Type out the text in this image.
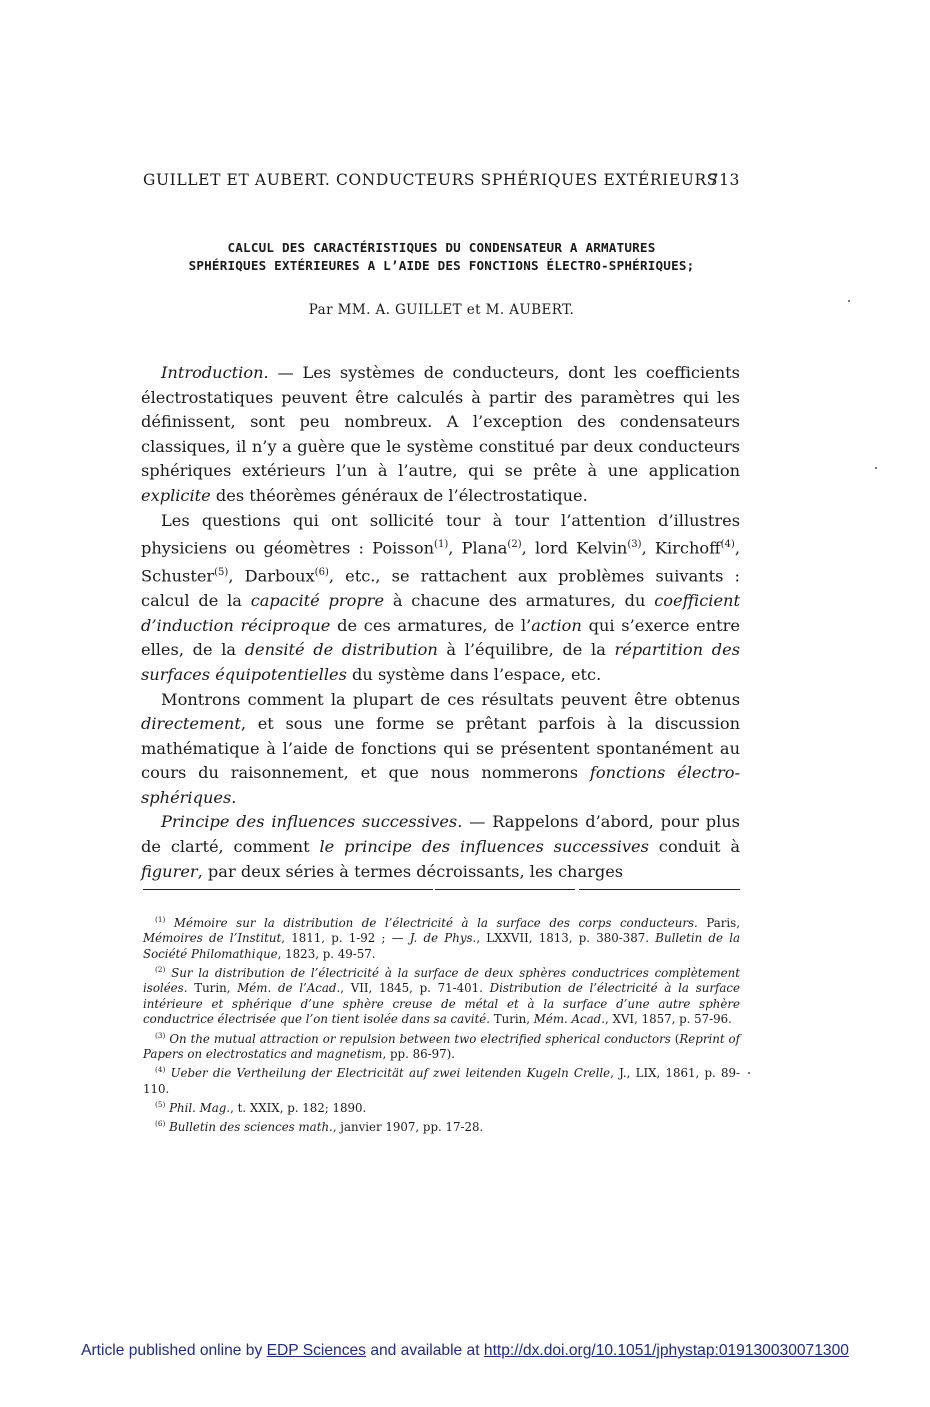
GUILLET ET AUBERT. CONDUCTEURS SPHÉRIQUES EXTÉRIEURS
713
CALCUL DES CARACTÉRISTIQUES DU CONDENSATEUR A ARMATURES
SPHÉRIQUES EXTÉRIEURES A L’AIDE DES FONCTIONS ÉLECTRO-SPHÉRIQUES;
Par MM. A. GUILLET et M. AUBERT.

Introduction. — Les systèmes de conducteurs, dont les coefficients électrostatiques peuvent être calculés à partir des paramètres qui les définissent, sont peu nombreux. A l’exception des condensateurs classiques, il n’y a guère que le système constitué par deux conducteurs sphériques extérieurs l’un à l’autre, qui se prête à une application explicite des théorèmes généraux de l’électrostatique.

Les questions qui ont sollicité tour à tour l’attention d’illustres physiciens ou géomètres : Poisson$^{(1)}$, Plana$^{(2)}$, lord Kelvin$^{(3)}$, Kirchoff$^{(4)}$, Schuster$^{(5)}$, Darboux$^{(6)}$, etc., se rattachent aux problèmes suivants : calcul de la capacité propre à chacune des armatures, du coefficient d’induction réciproque de ces armatures, de l’action qui s’exerce entre elles, de la densité de distribution à l’équilibre, de la répartition des surfaces équipotentielles du système dans l’espace, etc.

Montrons comment la plupart de ces résultats peuvent être obtenus directement, et sous une forme se prêtant parfois à la discussion mathématique à l’aide de fonctions qui se présentent spontanément au cours du raisonnement, et que nous nommerons fonctions électro-sphériques.

Principe des influences successives. — Rappelons d’abord, pour plus de clarté, comment le principe des influences successives conduit à figurer, par deux séries à termes décroissants, les charges

$^{(1)}$ Mémoire sur la distribution de l’électricité à la surface des corps conducteurs. Paris, Mémoires de l’Institut, 1811, p. 1-92 ; — J. de Phys., LXXVII, 1813, p. 380-387. Bulletin de la Société Philomathique, 1823, p. 49-57.

$^{(2)}$ Sur la distribution de l’électricité à la surface de deux sphères conductrices complètement isolées. Turin, Mém. de l’Acad., VII, 1845, p. 71-401. Distribution de l’électricité à la surface intérieure et sphérique d’une sphère creuse de métal et à la surface d’une autre sphère conductrice électrisée que l’on tient isolée dans sa cavité. Turin, Mém. Acad., XVI, 1857, p. 57-96.

$^{(3)}$ On the mutual attraction or repulsion between two electrified spherical conductors (Reprint of Papers on electrostatics and magnetism, pp. 86-97).

$^{(4)}$ Ueber die Vertheilung der Electricität auf zwei leitenden Kugeln Crelle, J., LIX, 1861, p. 89-110.

$^{(5)}$ Phil. Mag., t. XXIX, p. 182; 1890.

$^{(6)}$ Bulletin des sciences math., janvier 1907, pp. 17-28.

Article published online by EDP Sciences and available at http://dx.doi.org/10.1051/jphystap:019130030071300
